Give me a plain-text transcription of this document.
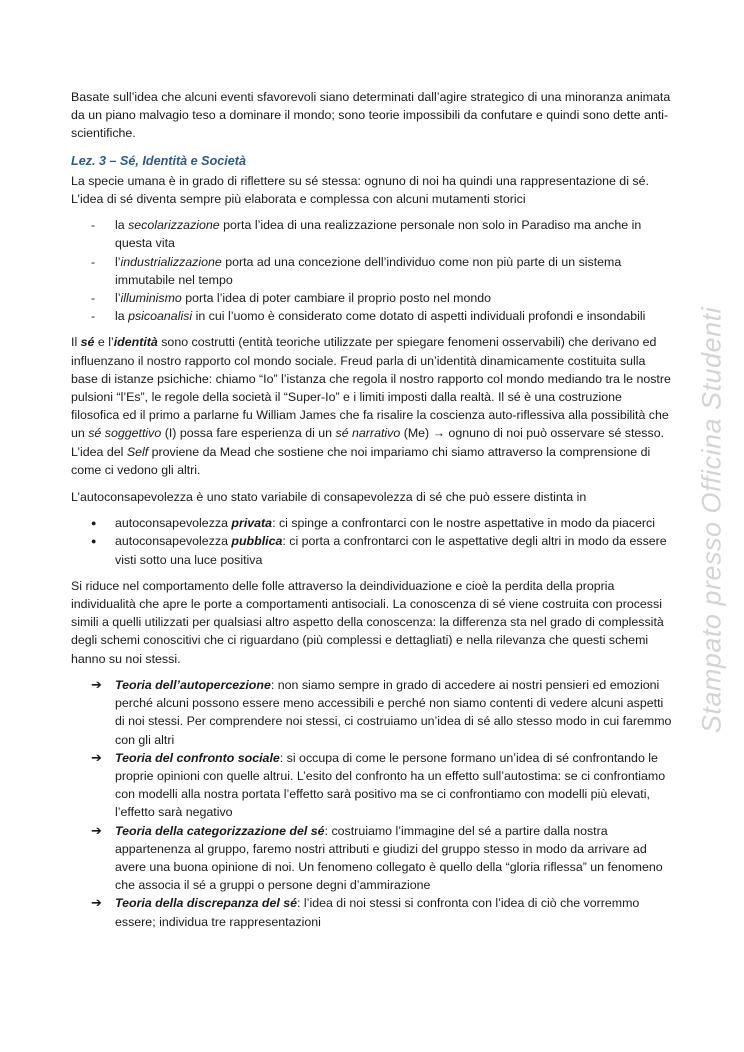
Basate sull’idea che alcuni eventi sfavorevoli siano determinati dall’agire strategico di una minoranza animata da un piano malvagio teso a dominare il mondo; sono teorie impossibili da confutare e quindi sono dette anti-scientifiche.

Lez. 3 – Sé, Identità e Società

La specie umana è in grado di riflettere su sé stessa: ognuno di noi ha quindi una rappresentazione di sé. L’idea di sé diventa sempre più elaborata e complessa con alcuni mutamenti storici

-	la secolarizzazione porta l’idea di una realizzazione personale non solo in Paradiso ma anche in questa vita
-	l’industrializzazione porta ad una concezione dell’individuo come non più parte di un sistema immutabile nel tempo
-	l’illuminismo porta l’idea di poter cambiare il proprio posto nel mondo
-	la psicoanalisi in cui l’uomo è considerato come dotato di aspetti individuali profondi e insondabili

Il sé e l’identità sono costrutti (entità teoriche utilizzate per spiegare fenomeni osservabili) che derivano ed influenzano il nostro rapporto col mondo sociale. Freud parla di un’identità dinamicamente costituita sulla base di istanze psichiche: chiamo “Io” l’istanza che regola il nostro rapporto col mondo mediando tra le nostre pulsioni “l’Es”, le regole della società il “Super-Io” e i limiti imposti dalla realtà. Il sé è una costruzione filosofica ed il primo a parlarne fu William James che fa risalire la coscienza auto-riflessiva alla possibilità che un sé soggettivo (I) possa fare esperienza di un sé narrativo (Me) → ognuno di noi può osservare sé stesso. L’idea del Self proviene da Mead che sostiene che noi impariamo chi siamo attraverso la comprensione di come ci vedono gli altri.

L’autoconsapevolezza è uno stato variabile di consapevolezza di sé che può essere distinta in

●	autoconsapevolezza privata: ci spinge a confrontarci con le nostre aspettative in modo da piacerci
●	autoconsapevolezza pubblica: ci porta a confrontarci con le aspettative degli altri in modo da essere visti sotto una luce positiva

Si riduce nel comportamento delle folle attraverso la deindividuazione e cioè la perdita della propria individualità che apre le porte a comportamenti antisociali. La conoscenza di sé viene costruita con processi simili a quelli utilizzati per qualsiasi altro aspetto della conoscenza: la differenza sta nel grado di complessità degli schemi conoscitivi che ci riguardano (più complessi e dettagliati) e nella rilevanza che questi schemi hanno su noi stessi.

➔ Teoria dell’autopercezione: non siamo sempre in grado di accedere ai nostri pensieri ed emozioni perché alcuni possono essere meno accessibili e perché non siamo contenti di vedere alcuni aspetti di noi stessi. Per comprendere noi stessi, ci costruiamo un’idea di sé allo stesso modo in cui faremmo con gli altri
➔ Teoria del confronto sociale: si occupa di come le persone formano un’idea di sé confrontando le proprie opinioni con quelle altrui. L’esito del confronto ha un effetto sull’autostima: se ci confrontiamo con modelli alla nostra portata l’effetto sarà positivo ma se ci confrontiamo con modelli più elevati, l’effetto sarà negativo
➔ Teoria della categorizzazione del sé: costruiamo l’immagine del sé a partire dalla nostra appartenenza al gruppo, faremo nostri attributi e giudizi del gruppo stesso in modo da arrivare ad avere una buona opinione di noi. Un fenomeno collegato è quello della “gloria riflessa” un fenomeno che associa il sé a gruppi o persone degni d’ammirazione
➔ Teoria della discrepanza del sé: l’idea di noi stessi si confronta con l’idea di ciò che vorremmo essere; individua tre rappresentazioni
Stampato presso Officina Studenti
